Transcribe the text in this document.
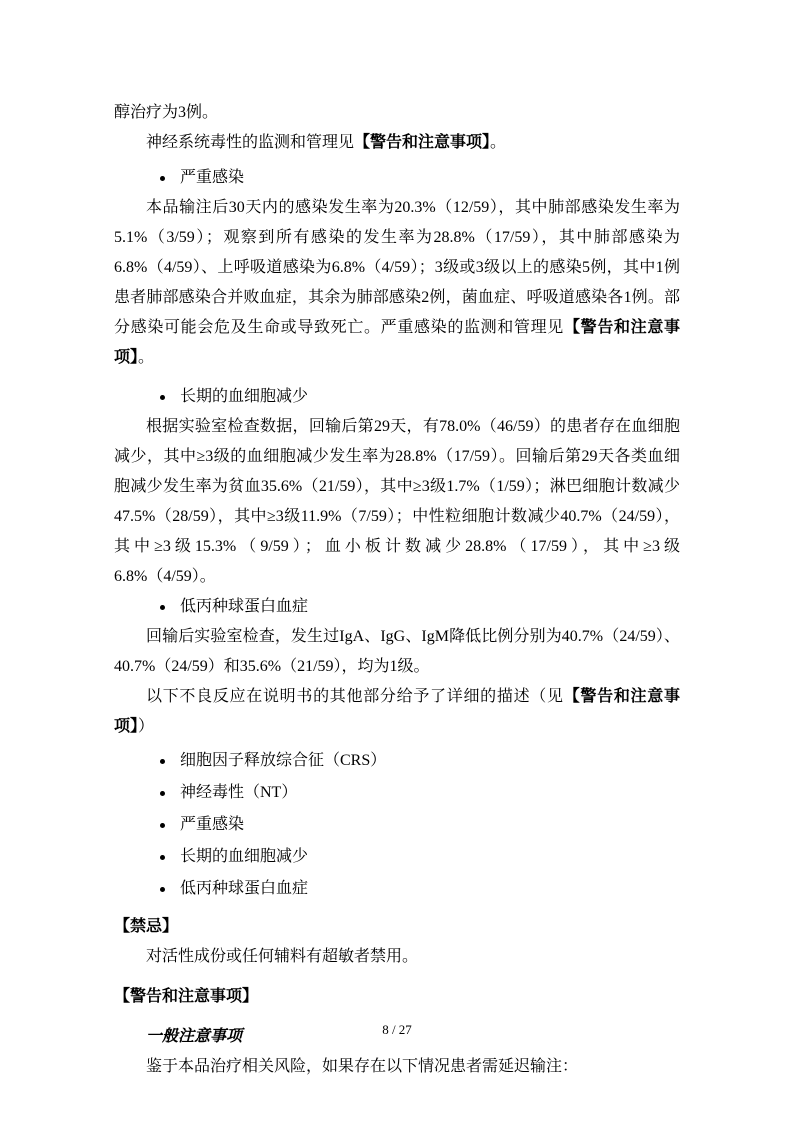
醇治疗为3例。

神经系统毒性的监测和管理见【警告和注意事项】。

严重感染

本品输注后30天内的感染发生率为20.3%（12/59），其中肺部感染发生率为5.1%（3/59）；观察到所有感染的发生率为28.8%（17/59），其中肺部感染为6.8%（4/59）、上呼吸道感染为6.8%（4/59）；3级或3级以上的感染5例，其中1例患者肺部感染合并败血症，其余为肺部感染2例，菌血症、呼吸道感染各1例。部分感染可能会危及生命或导致死亡。严重感染的监测和管理见【警告和注意事项】。

长期的血细胞减少

根据实验室检查数据，回输后第29天，有78.0%（46/59）的患者存在血细胞减少，其中≥3级的血细胞减少发生率为28.8%（17/59）。回输后第29天各类血细胞减少发生率为贫血35.6%（21/59），其中≥3级1.7%（1/59）；淋巴细胞计数减少47.5%（28/59），其中≥3级11.9%（7/59）；中性粒细胞计数减少40.7%（24/59），其中≥3级15.3%（9/59）；血小板计数减少28.8%（17/59），其中≥3级6.8%（4/59）。

低丙种球蛋白血症

回输后实验室检查，发生过IgA、IgG、IgM降低比例分别为40.7%（24/59）、40.7%（24/59）和35.6%（21/59），均为1级。

以下不良反应在说明书的其他部分给予了详细的描述（见【警告和注意事项】）

细胞因子释放综合征（CRS）
神经毒性（NT）
严重感染
长期的血细胞减少
低丙种球蛋白血症
【禁忌】

对活性成份或任何辅料有超敏者禁用。

【警告和注意事项】
一般注意事项

鉴于本品治疗相关风险，如果存在以下情况患者需延迟输注：

8 / 27
